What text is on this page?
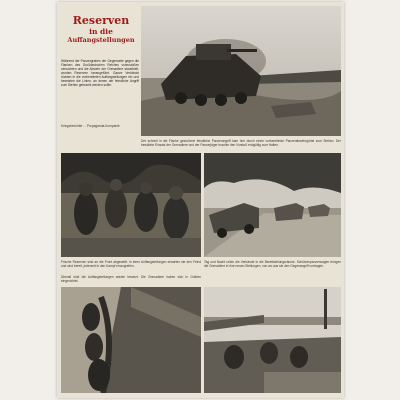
Reserven
in die
Auffangstellungen
Während der Panzergraben der Gegenseite gegen die Flanken des Großdeutschen Reiches vorzustoßen versuchten und die Abwehr der Grenadiere standhielt, wurden Reserven herangeführt. Ganze Verbände rückten in die vorbereiteten Auffangstellungen ein und besetzten die Linien, an denen der feindliche Angriff zum Stehen gebracht werden sollte.
Kriegsberichter ... Propaganda-Kompanie
Der schnell in die Flanke gestoßene feindliche Panzerangriff kam hier durch einen vorbereiteten Panzerabwehrgürtel zum Stehen. Der bewährte Einsatz der Grenadiere und der Panzerjäger brachte den Vorstoß endgültig zum Halten.
Frische Reserven sind an die Front abgestellt. In ihren Auffangstellungen erwarten sie den Feind und sind bereit, jederzeit in den Kampf einzugreifen.
Tag und Nacht rollen die Verbände in die Bereitstellungsräume. Schützenpanzerwagen bringen die Grenadiere in ihre neuen Stellungen, von wo aus sie den Gegenangriff vortragen.
Überall sind die Auffangstellungen wieder besetzt. Die Grenadiere haben sich in Gräben eingerichtet.
